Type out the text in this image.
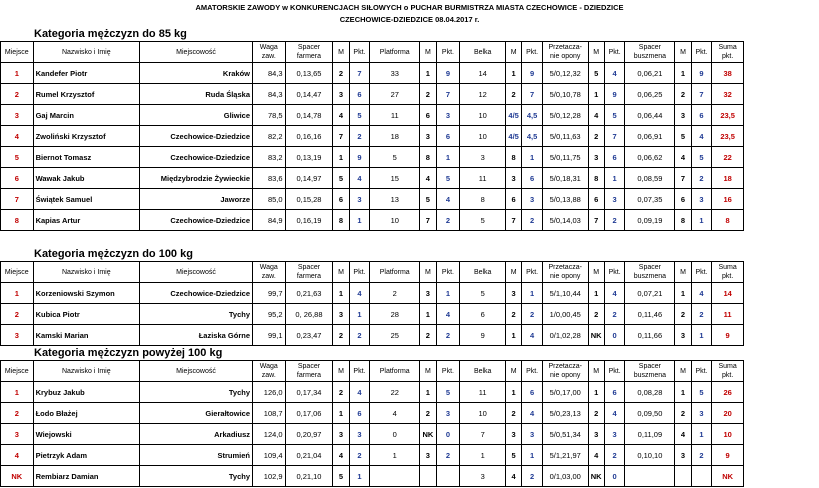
AMATORSKIE ZAWODY w KONKURENCJACH SIŁOWYCH o PUCHAR BURMISTRZA MIASTA CZECHOWICE - DZIEDZICE
CZECHOWICE-DZIEDZICE 08.04.2017 r.
Kategoria mężczyzn do 85 kg
Miejsce	Nazwisko i Imię	Miejscowość	Waga zaw.	Spacer farmera	M	Pkt.	Platforma	M	Pkt.	Belka	M	Pkt.	Przetacza-nie opony	M	Pkt.	Spacer buszmena	M	Pkt.	Suma pkt.
1	Kandefer Piotr	Kraków	84,3	0,13,65	2	7	33	1	9	14	1	9	5/0,12,32	5	4	0,06,21	1	9	38
2	Rumel Krzysztof	Ruda Śląska	84,3	0,14,47	3	6	27	2	7	12	2	7	5/0,10,78	1	9	0,06,25	2	7	32
3	Gaj Marcin	Gliwice	78,5	0,14,78	4	5	11	6	3	10	4/5	4,5	5/0,12,28	4	5	0,06,44	3	6	23,5
4	Zwoliński Krzysztof	Czechowice-Dziedzice	82,2	0,16,16	7	2	18	3	6	10	4/5	4,5	5/0,11,63	2	7	0,06,91	5	4	23,5
5	Biernot Tomasz	Czechowice-Dziedzice	83,2	0,13,19	1	9	5	8	1	3	8	1	5/0,11,75	3	6	0,06,62	4	5	22
6	Wawak Jakub	Międzybrodzie Żywieckie	83,6	0,14,97	5	4	15	4	5	11	3	6	5/0,18,31	8	1	0,08,59	7	2	18
7	Świątek Samuel	Jaworze	85,0	0,15,28	6	3	13	5	4	8	6	3	5/0,13,88	6	3	0,07,35	6	3	16
8	Kapias Artur	Czechowice-Dziedzice	84,9	0,16,19	8	1	10	7	2	5	7	2	5/0,14,03	7	2	0,09,19	8	1	8
Kategoria mężczyzn do 100 kg
Miejsce	Nazwisko i Imię	Miejscowość	Waga zaw.	Spacer farmera	M	Pkt.	Platforma	M	Pkt.	Belka	M	Pkt.	Przetacza-nie opony	M	Pkt.	Spacer buszmena	M	Pkt.	Suma pkt.
1	Korzeniowski Szymon	Czechowice-Dziedzice	99,7	0,21,63	1	4	2	3	1	5	3	1	5/1,10,44	1	4	0,07,21	1	4	14
2	Kubica Piotr	Tychy	95,2	0, 26,88	3	1	28	1	4	6	2	2	1/0,00,45	2	2	0,11,46	2	2	11
3	Kamski Marian	Łaziska Górne	99,1	0,23,47	2	2	25	2	2	9	1	4	0/1,02,28	NK	0	0,11,66	3	1	9
Kategoria mężczyzn powyżej 100 kg
Miejsce	Nazwisko i Imię	Miejscowość	Waga zaw.	Spacer farmera	M	Pkt.	Platforma	M	Pkt.	Belka	M	Pkt.	Przetacza-nie opony	M	Pkt.	Spacer buszmena	M	Pkt.	Suma pkt.
1	Krybuz Jakub	Tychy	126,0	0,17,34	2	4	22	1	5	11	1	6	5/0,17,00	1	6	0,08,28	1	5	26
2	Łodo Błażej	Gierałtowice	108,7	0,17,06	1	6	4	2	3	10	2	4	5/0,23,13	2	4	0,09,50	2	3	20
3	Wiejowski	Arkadiusz	124,0	0,20,97	3	3	0	NK	0	7	3	3	5/0,51,34	3	3	0,11,09	4	1	10
4	Pietrzyk Adam	Strumień	109,4	0,21,04	4	2	1	3	2	1	5	1	5/1,21,97	4	2	0,10,10	3	2	9
NK	Rembiarz Damian	Tychy	102,9	0,21,10	5	1				3	4	2	0/1,03,00	NK	0				NK
